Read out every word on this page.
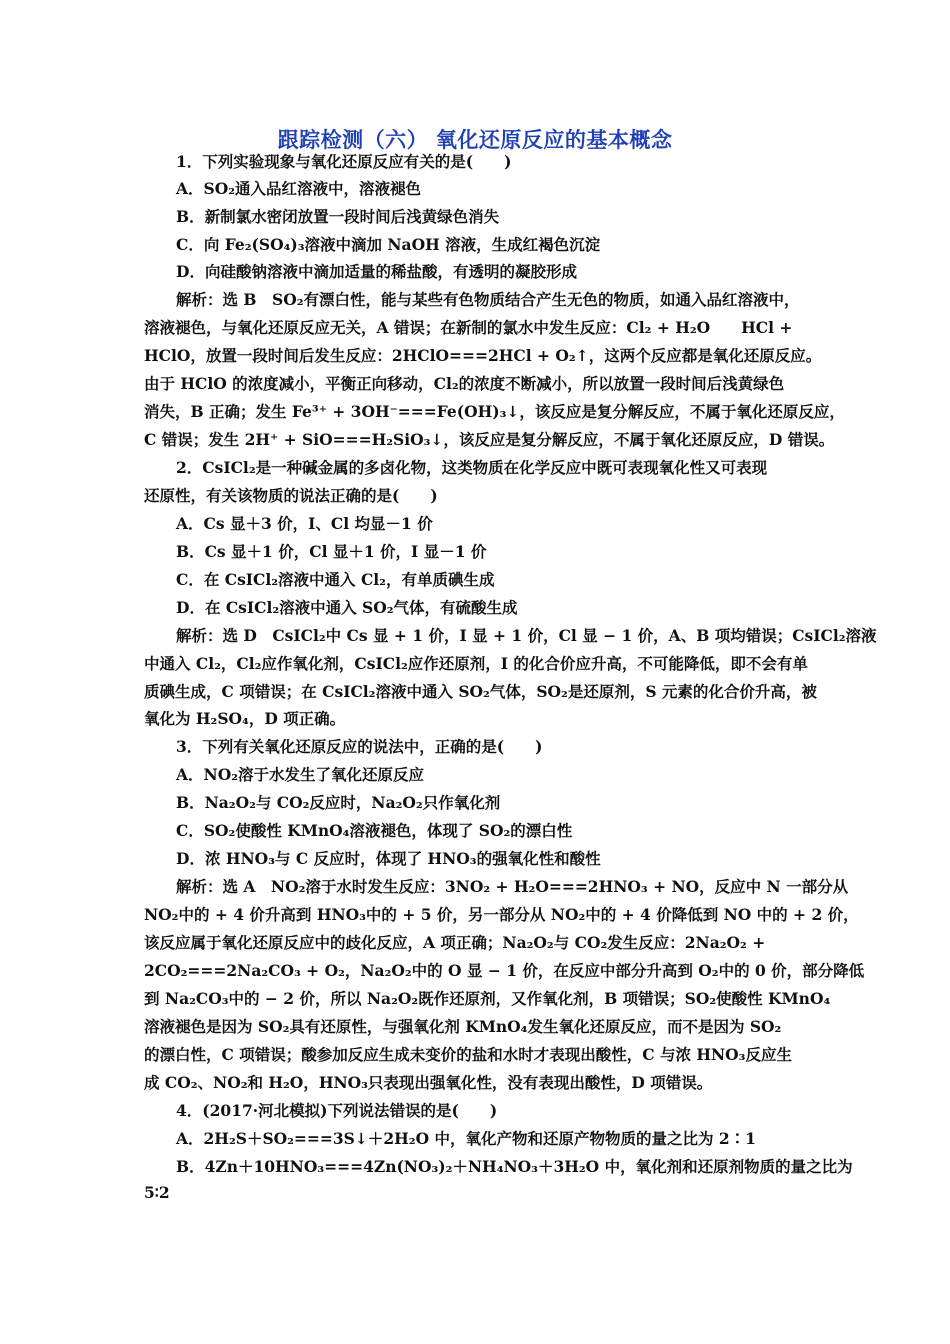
跟踪检测（六） 氧化还原反应的基本概念
1．下列实验现象与氧化还原反应有关的是(　　)
A．SO₂通入品红溶液中，溶液褪色
B．新制氯水密闭放置一段时间后浅黄绿色消失
C．向 Fe₂(SO₄)₃溶液中滴加 NaOH 溶液，生成红褐色沉淀
D．向硅酸钠溶液中滴加适量的稀盐酸，有透明的凝胶形成
解析：选 B　SO₂有漂白性，能与某些有色物质结合产生无色的物质，如通入品红溶液中，
溶液褪色，与氧化还原反应无关，A 错误；在新制的氯水中发生反应：Cl₂ + H₂O　　HCl +
HClO，放置一段时间后发生反应：2HClO===2HCl + O₂↑，这两个反应都是氧化还原反应。
由于 HClO 的浓度减小，平衡正向移动，Cl₂的浓度不断减小，所以放置一段时间后浅黄绿色
消失，B 正确；发生 Fe³⁺ + 3OH⁻===Fe(OH)₃↓，该反应是复分解反应，不属于氧化还原反应，
C 错误；发生 2H⁺ + SiO===H₂SiO₃↓，该反应是复分解反应，不属于氧化还原反应，D 错误。
2．CsICl₂是一种碱金属的多卤化物，这类物质在化学反应中既可表现氧化性又可表现
还原性，有关该物质的说法正确的是(　　)
A．Cs 显＋3 价，I、Cl 均显－1 价
B．Cs 显＋1 价，Cl 显＋1 价，I 显－1 价
C．在 CsICl₂溶液中通入 Cl₂，有单质碘生成
D．在 CsICl₂溶液中通入 SO₂气体，有硫酸生成
解析：选 D　CsICl₂中 Cs 显 + 1 价，I 显 + 1 价，Cl 显 − 1 价，A、B 项均错误；CsICl₂溶液
中通入 Cl₂，Cl₂应作氧化剂，CsICl₂应作还原剂，I 的化合价应升高，不可能降低，即不会有单
质碘生成，C 项错误；在 CsICl₂溶液中通入 SO₂气体，SO₂是还原剂，S 元素的化合价升高，被
氧化为 H₂SO₄，D 项正确。
3．下列有关氧化还原反应的说法中，正确的是(　　)
A．NO₂溶于水发生了氧化还原反应
B．Na₂O₂与 CO₂反应时，Na₂O₂只作氧化剂
C．SO₂使酸性 KMnO₄溶液褪色，体现了 SO₂的漂白性
D．浓 HNO₃与 C 反应时，体现了 HNO₃的强氧化性和酸性
解析：选 A　NO₂溶于水时发生反应：3NO₂ + H₂O===2HNO₃ + NO，反应中 N 一部分从
NO₂中的 + 4 价升高到 HNO₃中的 + 5 价，另一部分从 NO₂中的 + 4 价降低到 NO 中的 + 2 价，
该反应属于氧化还原反应中的歧化反应，A 项正确；Na₂O₂与 CO₂发生反应：2Na₂O₂ +
2CO₂===2Na₂CO₃ + O₂，Na₂O₂中的 O 显 − 1 价，在反应中部分升高到 O₂中的 0 价，部分降低
到 Na₂CO₃中的 − 2 价，所以 Na₂O₂既作还原剂，又作氧化剂，B 项错误；SO₂使酸性 KMnO₄
溶液褪色是因为 SO₂具有还原性，与强氧化剂 KMnO₄发生氧化还原反应，而不是因为 SO₂
的漂白性，C 项错误；酸参加反应生成未变价的盐和水时才表现出酸性，C 与浓 HNO₃反应生
成 CO₂、NO₂和 H₂O，HNO₃只表现出强氧化性，没有表现出酸性，D 项错误。
4．(2017·河北模拟)下列说法错误的是(　　)
A．2H₂S＋SO₂===3S↓＋2H₂O 中，氧化产物和还原产物物质的量之比为 2∶1
B．4Zn＋10HNO₃===4Zn(NO₃)₂＋NH₄NO₃＋3H₂O 中，氧化剂和还原剂物质的量之比为
5∶2
